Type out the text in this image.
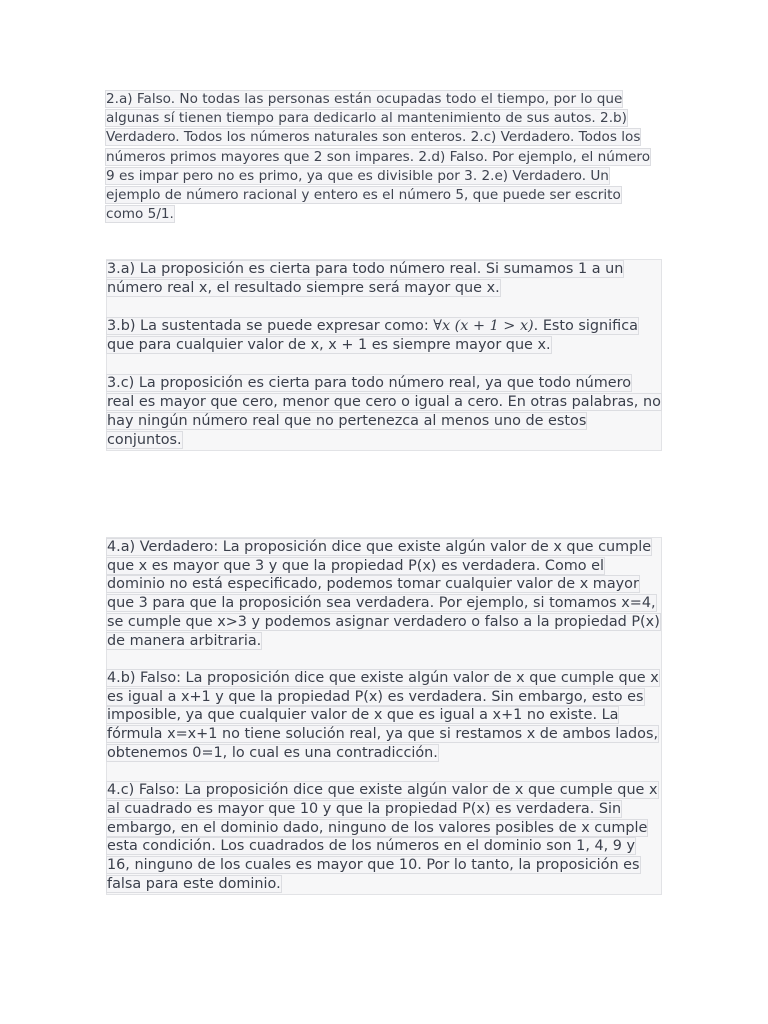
2.a) Falso. No todas las personas están ocupadas todo el tiempo, por lo que algunas sí tienen tiempo para dedicarlo al mantenimiento de sus autos. 2.b) Verdadero. Todos los números naturales son enteros. 2.c) Verdadero. Todos los números primos mayores que 2 son impares. 2.d) Falso. Por ejemplo, el número 9 es impar pero no es primo, ya que es divisible por 3. 2.e) Verdadero. Un ejemplo de número racional y entero es el número 5, que puede ser escrito como 5/1.

3.a) La proposición es cierta para todo número real. Si sumamos 1 a un número real x, el resultado siempre será mayor que x.

3.b) La sustentada se puede expresar como: ∀x (x + 1 > x). Esto significa que para cualquier valor de x, x + 1 es siempre mayor que x.

3.c) La proposición es cierta para todo número real, ya que todo número real es mayor que cero, menor que cero o igual a cero. En otras palabras, no hay ningún número real que no pertenezca al menos uno de estos conjuntos.

4.a) Verdadero: La proposición dice que existe algún valor de x que cumple que x es mayor que 3 y que la propiedad P(x) es verdadera. Como el dominio no está especificado, podemos tomar cualquier valor de x mayor que 3 para que la proposición sea verdadera. Por ejemplo, si tomamos x=4, se cumple que x>3 y podemos asignar verdadero o falso a la propiedad P(x) de manera arbitraria.

4.b) Falso: La proposición dice que existe algún valor de x que cumple que x es igual a x+1 y que la propiedad P(x) es verdadera. Sin embargo, esto es imposible, ya que cualquier valor de x que es igual a x+1 no existe. La fórmula x=x+1 no tiene solución real, ya que si restamos x de ambos lados, obtenemos 0=1, lo cual es una contradicción.

4.c) Falso: La proposición dice que existe algún valor de x que cumple que x al cuadrado es mayor que 10 y que la propiedad P(x) es verdadera. Sin embargo, en el dominio dado, ninguno de los valores posibles de x cumple esta condición. Los cuadrados de los números en el dominio son 1, 4, 9 y 16, ninguno de los cuales es mayor que 10. Por lo tanto, la proposición es falsa para este dominio.
